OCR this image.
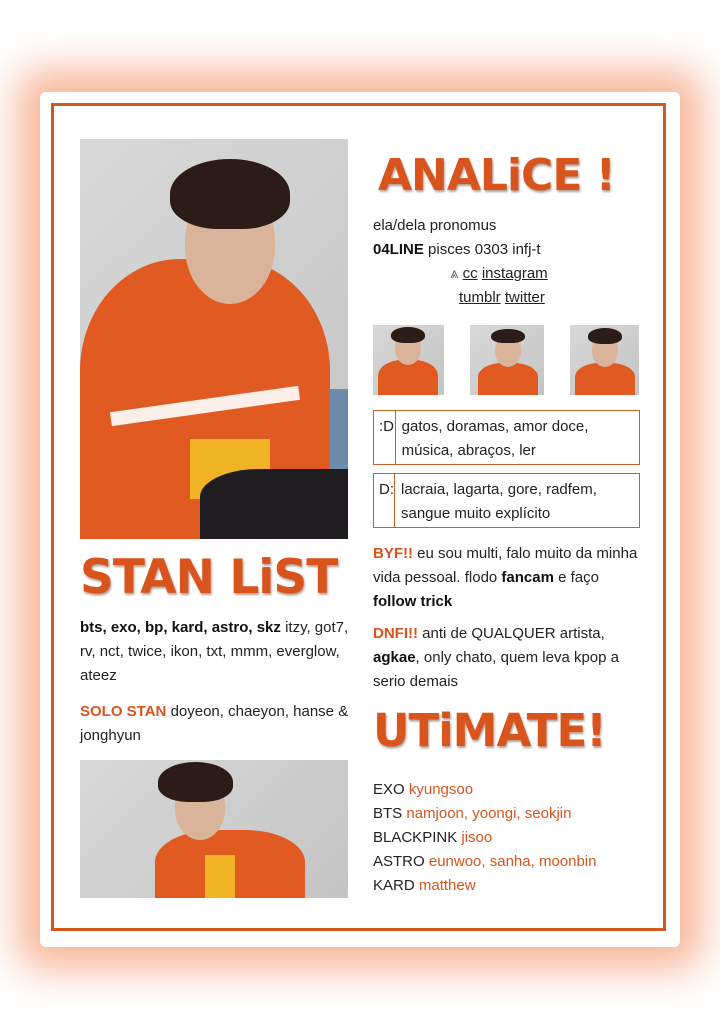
STAN LiST
bts, exo, bp, kard, astro, skz itzy, got7, rv, nct, twice, ikon, txt, mmm, everglow, ateez
SOLO STAN doyeon, chaeyon, hanse & jonghyun
ANALiCE !
ela/dela pronomus
04LINE pisces 0303 infj-t
⩓ cc instagram
tumblr twitter
:D gatos, doramas, amor doce, música, abraços, ler
D: lacraia, lagarta, gore, radfem, sangue muito explícito
BYF!! eu sou multi, falo muito da minha vida pessoal. flodo fancam e faço follow trick
DNFI!! anti de QUALQUER artista, agkae, only chato, quem leva kpop a serio demais
UTiMATE!
EXO kyungsoo
BTS namjoon, yoongi, seokjin
BLACKPINK jisoo
ASTRO eunwoo, sanha, moonbin
KARD matthew
